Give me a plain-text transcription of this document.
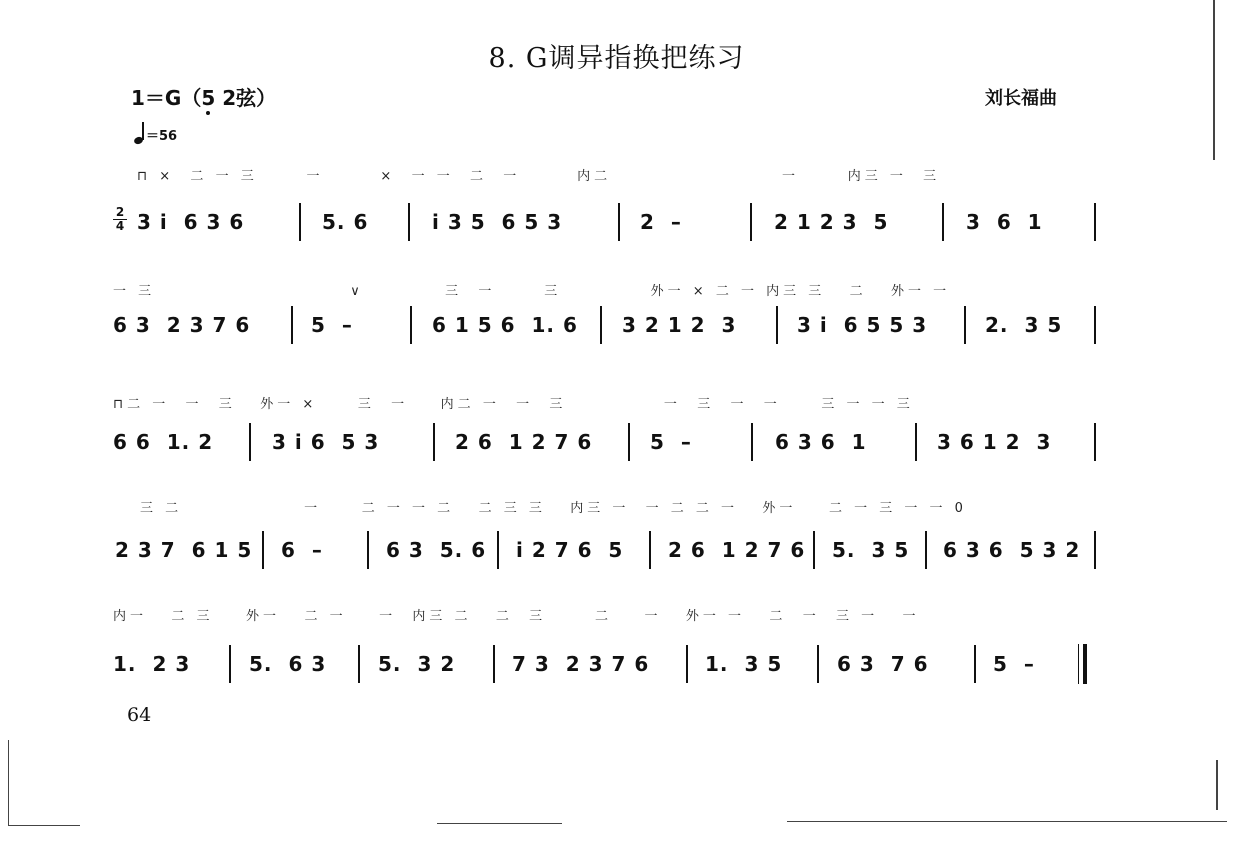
8. G调异指换把练习
1＝G（5 2弦）	刘长福曲
＝56
2
4
⊓ ×  二 一 三      一       ×  一 一  二  一       内二                     一      内三 一  三
3 i  6 3 6	5. 6	i 3 5  6 5 3	2  –	2 1 2 3  5	3  6  1
一 三                        ∨          三  一      三           外一 × 二 一 内三 三   二   外一 一
6 3  2 3 7 6	5  –	6 1 5 6  1. 6 3 2 1 2  3	3 i  6 5 5 3	2.  3 5
⊓二 一  一  三   外一 ×     三  一    内二 一  一  三            一  三  一  一     三 一 一 三
6 6  1. 2	3 i 6  5 3	2 6  1 2 7 6	5  –	6 3 6  1	3 6 1 2  3
三 二               一     二 一 一 二   二 三 三   内三 一  一 二 二 一   外一    二 一 三 一 一 0
2 3 7  6 1 5 6  –	6 3  5. 6 i 2 7 6  5 2 6  1 2 7 6 5.  3 5 6 3 6  5 3 2
内一   二 三    外一   二 一    一  内三 二   二  三      二    一   外一 一   二  一  三 一   一
1.  2 3	5.  6 3	5.  3 2	7 3  2 3 7 6	1.  3 5	6 3  7 6	5  –
64
